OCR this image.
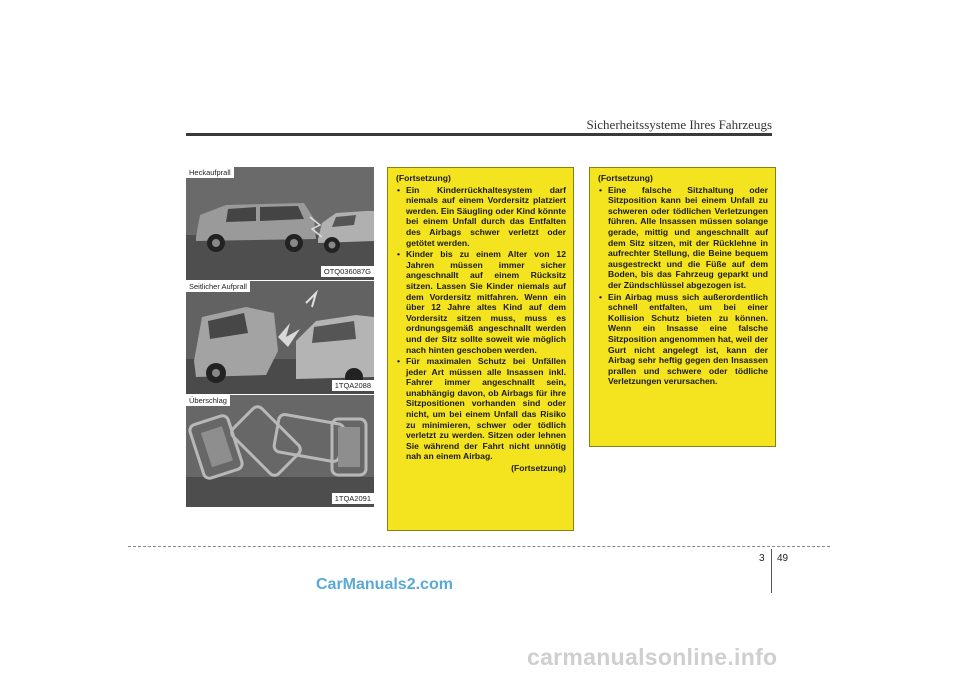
Sicherheitssysteme Ihres Fahrzeugs
Heckaufprall
OTQ036087G
Seitlicher Aufprall
1TQA2088
Überschlag
1TQA2091
(Fortsetzung)
• Ein Kinderrückhaltesystem darf niemals auf einem Vordersitz platziert werden. Ein Säugling oder Kind könnte bei einem Unfall durch das Entfalten des Airbags schwer verletzt oder getötet werden.
• Kinder bis zu einem Alter von 12 Jahren müssen immer sicher angeschnallt auf einem Rücksitz sitzen. Lassen Sie Kinder niemals auf dem Vordersitz mitfahren. Wenn ein über 12 Jahre altes Kind auf dem Vordersitz sitzen muss, muss es ordnungsgemäß angeschnallt werden und der Sitz sollte soweit wie möglich nach hinten geschoben werden.
• Für maximalen Schutz bei Unfällen jeder Art müssen alle Insassen inkl. Fahrer immer angeschnallt sein, unabhängig davon, ob Airbags für ihre Sitzpositionen vorhanden sind oder nicht, um bei einem Unfall das Risiko zu minimieren, schwer oder tödlich verletzt zu werden. Sitzen oder lehnen Sie während der Fahrt nicht unnötig nah an einem Airbag.
(Fortsetzung)
(Fortsetzung)
• Eine falsche Sitzhaltung oder Sitzposition kann bei einem Unfall zu schweren oder tödlichen Verletzungen führen. Alle Insassen müssen solange gerade, mittig und angeschnallt auf dem Sitz sitzen, mit der Rücklehne in aufrechter Stellung, die Beine bequem ausgestreckt und die Füße auf dem Boden, bis das Fahrzeug geparkt und der Zündschlüssel abgezogen ist.
• Ein Airbag muss sich außerordentlich schnell entfalten, um bei einer Kollision Schutz bieten zu können. Wenn ein Insasse eine falsche Sitzposition angenommen hat, weil der Gurt nicht angelegt ist, kann der Airbag sehr heftig gegen den Insassen prallen und schwere oder tödliche Verletzungen verursachen.
3 49
CarManuals2.com
carmanualsonline.info
